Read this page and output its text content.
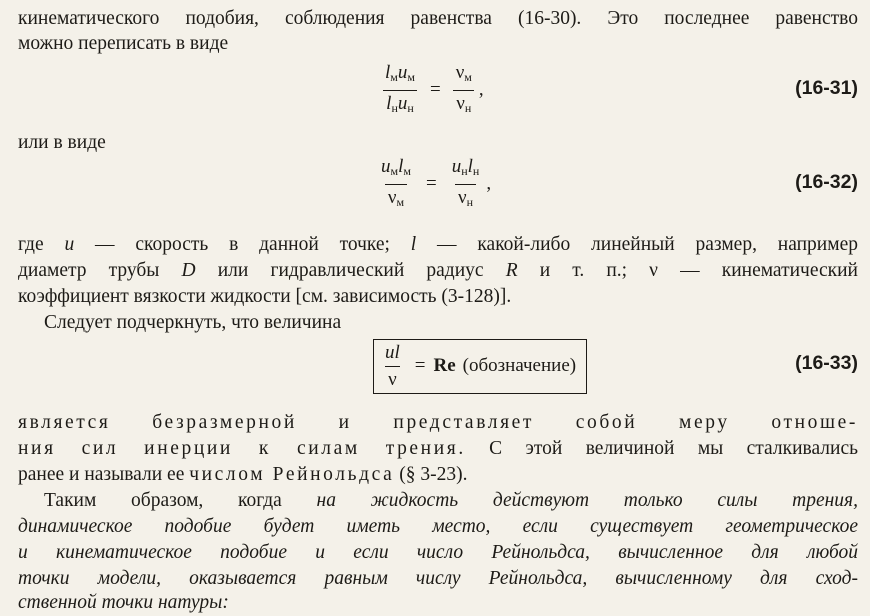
кинематического подобия, соблюдения равенства (16-30). Это последнее равенство
можно переписать в виде
$\frac{l_мu_м}{l_нu_н} = \frac{\nu_м}{\nu_н}$ ,	(16-31)
или в виде
$\frac{u_мl_м}{\nu_м} = \frac{u_нl_н}{\nu_н}$ ,	(16-32)
где u — скорость в данной точке; l — какой-либо линейный размер, например
диаметр трубы D или гидравлический радиус R и т. п.; ν — кинематический
коэффициент вязкости жидкости [см. зависимость (3-128)].
Следует подчеркнуть, что величина
$\frac{ul}{\nu} = Re$ (обозначение)	(16-33)
является безразмерной и представляет собой меру отноше-
ния сил инерции к силам трения. С этой величиной мы сталкивались
ранее и называли ее числом Рейнольдса (§ 3-23).
Таким образом, когда на жидкость действуют только силы трения,
динамическое подобие будет иметь место, если существует геометрическое
и кинематическое подобие и если число Рейнольдса, вычисленное для любой
точки модели, оказывается равным числу Рейнольдса, вычисленному для сход-
ственной точки натуры:
